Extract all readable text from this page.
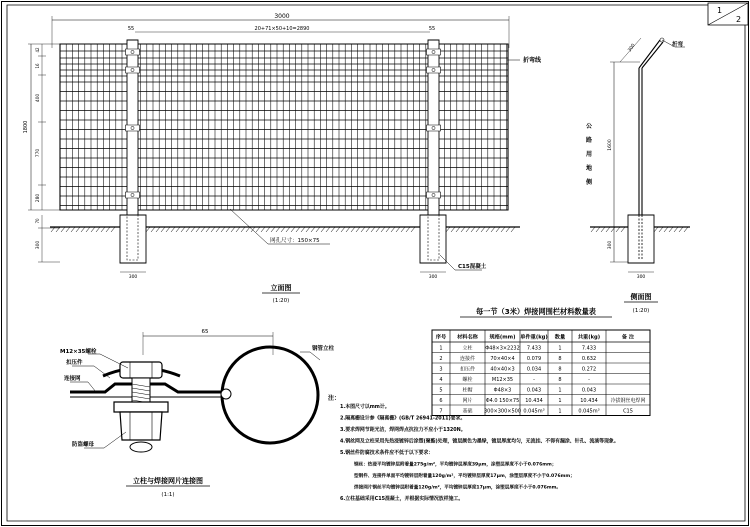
1
2
3000
20+71×50+10=2890
55	55
折弯线
1800
42
16
400
770
280
70
300
300	300
网孔尺寸：150×75
C15混凝土
立面图
(1:20)
300	折弯
1600
300
公
路
用
地
侧
300
侧面图
(1:20)
65
M12×35螺栓
扣压件
连接网
防盗螺母
钢管立柱
立柱与焊接网片连接图
(1:1)
每一节（3米）焊接网围栏材料数量表
序号 材料名称 规格(mm) 单件重(kg) 数量 共重(kg)	备 注
1	立柱	Φ48×3×2232 7.433	1	7.433
2	连接件	70×40×4 0.079	8	0.632
3	扣压件	40×40×3 0.034	8	0.272
4	螺栓	M12×35	-	8	-
5	柱帽	Φ48×3	0.043	1	0.043
6	网片	Φ4.0 150×75 10.434	1	10.434	冷拔钢丝电焊网
7	基础 300×300×500 0.045m³	1	0.045m³	C15
注：
1.本图尺寸以mm计。
2.隔离栅设计参《隔离栅》(GB/T 26941-2011)要求。
3.要求焊网节距光洁，焊网焊点抗拉力不应小于1320N。
4.钢丝网及立柱采用先热浸镀锌后涂塑(聚酯)处理，镀层颜色为墨绿，镀层厚度均匀，无流挂、不得有漏涂、针孔、流淌等现象。
5.钢丝件防腐技术条件应不低于以下要求：
钢丝：热浸平均镀锌层附着量275g/m²，平均镀锌层厚度39μm，涂塑层厚度不小于0.076mm；
型钢件、连接件单面平均镀锌层附着量120g/m²，平均镀锌层厚度17μm，涂塑层厚度不小于0.076mm；
焊接网片钢丝平均镀锌层附着量120g/m²，平均镀锌层厚度17μm，涂塑层厚度不小于0.076mm。
6.立柱基础采用C15混凝土，并根据实际情况放样施工。
